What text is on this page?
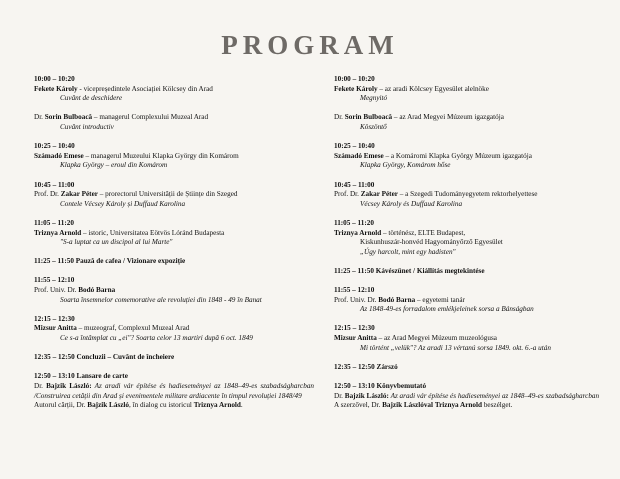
PROGRAM
10:00 – 10:20
Fekete Károly - vicepreședintele Asociației Kölcsey din Arad
Cuvânt de deschidere
Dr. Sorin Bulboacă – managerul Complexului Muzeal Arad
Cuvânt introductiv
10:25 – 10:40
Számadó Emese – managerul Muzeului Klapka György din Komárom
Klapka György – eroul din Komárom
10:45 – 11:00
Prof. Dr. Zakar Péter – prorectorul Universității de Științe din Szeged
Contele Vécsey Károly și Duffaud Karolina
11:05 – 11:20
Triznya Arnold – istoric, Universitatea Eötvös Lóránd Budapesta
"S-a luptat ca un discipol al lui Marte"
11:25 – 11:50 Pauză de cafea / Vizionare expoziție
11:55 – 12:10
Prof. Univ. Dr. Bodó Barna
Soarta însemnelor comemorative ale revoluției din 1848 - 49 în Banat
12:15 – 12:30
Mizsur Anitta – muzeograf, Complexul Muzeal Arad
Ce s-a întâmplat cu „ei"? Soarta celor 13 martiri după 6 oct. 1849
12:35 – 12:50 Concluzii – Cuvânt de încheiere
12:50 – 13:10 Lansare de carte
Dr. Bajzik László: Az aradi vár építése és hadieseményei az 1848–49-es szabadságharcban /Construirea cetății din Arad și evenimentele militare ardiacente în timpul revoluției 1848/49
Autorul cărții, Dr. Bajzik László, în dialog cu istoricul Triznya Arnold.
10:00 – 10:20
Fekete Károly – az aradi Kölcsey Egyesület alelnöke
Megnyitó
Dr. Sorin Bulboacă – az Arad Megyei Múzeum igazgatója
Köszöntő
10:25 – 10:40
Számadó Emese – a Komáromi Klapka György Múzeum igazgatója
Klapka György, Komárom hőse
10:45 – 11:00
Prof. Dr. Zakar Péter – a Szegedi Tudományegyetem rektorhelyettese
Vécsey Károly és Duffaud Karolina
11:05 – 11:20
Triznya Arnold – történész, ELTE Budapest,
Kiskunhuszár-honvéd Hagyományőrző Egyesület
„Úgy harcolt, mint egy hadisten"
11:25 – 11:50 Kávészünet / Kiállítás megtekintése
11:55 – 12:10
Prof. Univ. Dr. Bodó Barna – egyetemi tanár
Az 1848-49-es forradalom emlékjeleinek sorsa a Bánságban
12:15 – 12:30
Mizsur Anitta – az Arad Megyei Múzeum muzeológusa
Mi történt „velük"? Az aradi 13 vértanú sorsa 1849. okt. 6.-a után
12:35 – 12:50 Zárszó
12:50 – 13:10 Könyvbemutató
Dr. Bajzik László: Az aradi vár építése és hadieseményei az 1848–49-es szabadságharcban
A szerzővel, Dr. Bajzik Lászlóval Triznya Arnold beszélget.
